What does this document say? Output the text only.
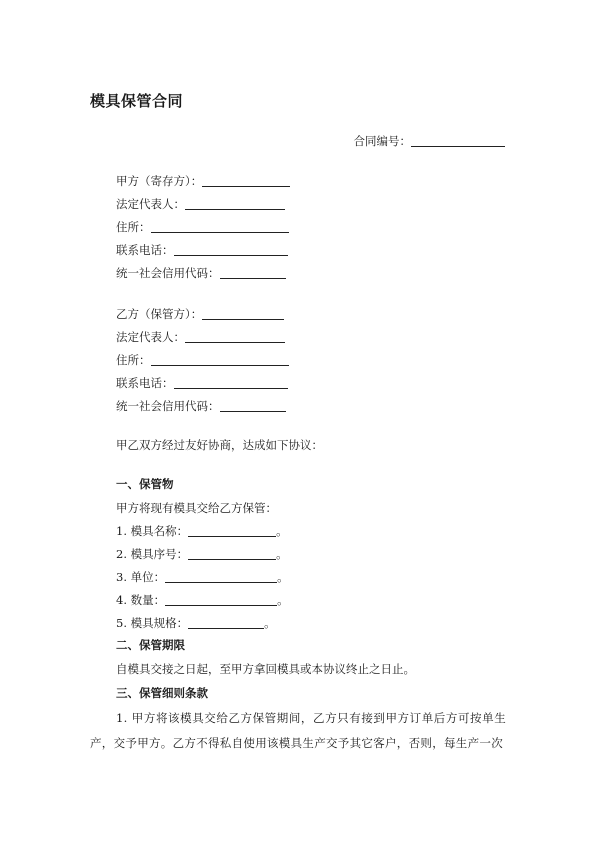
模具保管合同
合同编号：
甲方（寄存方）：
法定代表人：
住所：
联系电话：
统一社会信用代码：
乙方（保管方）：
法定代表人：
住所：
联系电话：
统一社会信用代码：
甲乙双方经过友好协商，达成如下协议：
一、保管物
甲方将现有模具交给乙方保管：
1. 模具名称：	。
2. 模具序号：	。
3. 单位：	。
4. 数量：	。
5. 模具规格：	。
二、保管期限
自模具交接之日起，至甲方拿回模具或本协议终止之日止。
三、保管细则条款
1. 甲方将该模具交给乙方保管期间，乙方只有接到甲方订单后方可按单生产，交予甲方。乙方不得私自使用该模具生产交予其它客户，否则，每生产一次
